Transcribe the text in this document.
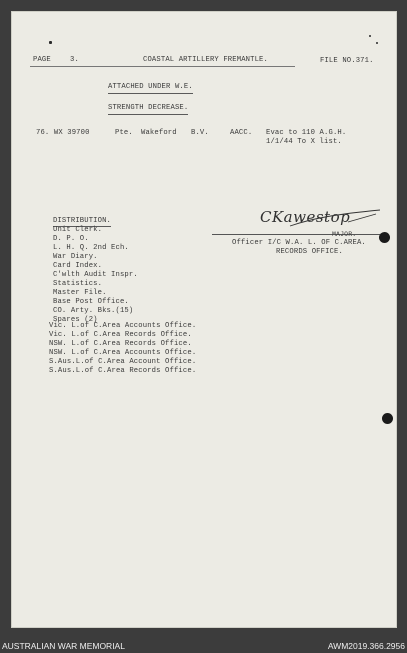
PAGE	3.	COASTAL ARTILLERY FREMANTLE.	FILE NO.371.
ATTACHED UNDER W.E.
STRENGTH DECREASE.
76. WX 39700	Pte. Wakeford B.V.	AACC. Evac to 110 A.G.H.
1/1/44 To X list.
CKawestop
MAJOR.
Officer I/C W.A. L. OF C.AREA.
RECORDS OFFICE.
DISTRIBUTION.
Unit Clerk.
D. P. O.
L. H. Q. 2nd Ech.
War Diary.
Card Index.
C'wlth Audit Inspr.
Statistics.
Master File.
Base Post Office.
CO. Arty. Bks.(15)
Spares (2)
Vic. L.of C.Area Accounts Office.
Vic. L.of C.Area Records Office.
NSW. L.of C.Area Records Office.
NSW. L.of C.Area Accounts Office.
S.Aus.L.of C.Area Account Office.
S.Aus.L.of C.Area Records Office.
AUSTRALIAN WAR MEMORIAL	AWM2019.366.2956
